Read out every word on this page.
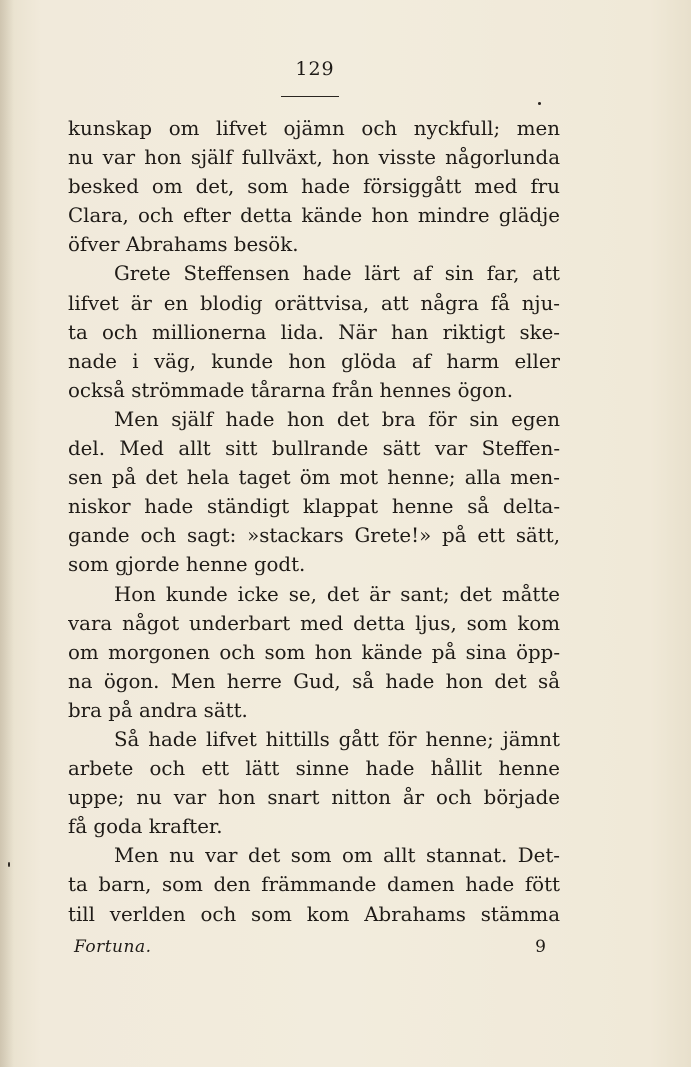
129
kunskap om lifvet ojämn och nyckfull; men
nu var hon själf fullväxt, hon visste någorlunda
besked om det, som hade försiggått med fru
Clara, och efter detta kände hon mindre glädje
öfver Abrahams besök.
Grete Steffensen hade lärt af sin far, att
lifvet är en blodig orättvisa, att några få nju-
ta och millionerna lida. När han riktigt ske-
nade i väg, kunde hon glöda af harm eller
också strömmade tårarna från hennes ögon.
Men själf hade hon det bra för sin egen
del. Med allt sitt bullrande sätt var Steffen-
sen på det hela taget öm mot henne; alla men-
niskor hade ständigt klappat henne så delta-
gande och sagt: »stackars Grete!» på ett sätt,
som gjorde henne godt.
Hon kunde icke se, det är sant; det måtte
vara något underbart med detta ljus, som kom
om morgonen och som hon kände på sina öpp-
na ögon. Men herre Gud, så hade hon det så
bra på andra sätt.
Så hade lifvet hittills gått för henne; jämnt
arbete och ett lätt sinne hade hållit henne
uppe; nu var hon snart nitton år och började
få goda krafter.
Men nu var det som om allt stannat. Det-
ta barn, som den främmande damen hade fött
till verlden och som kom Abrahams stämma
Fortuna.	9
